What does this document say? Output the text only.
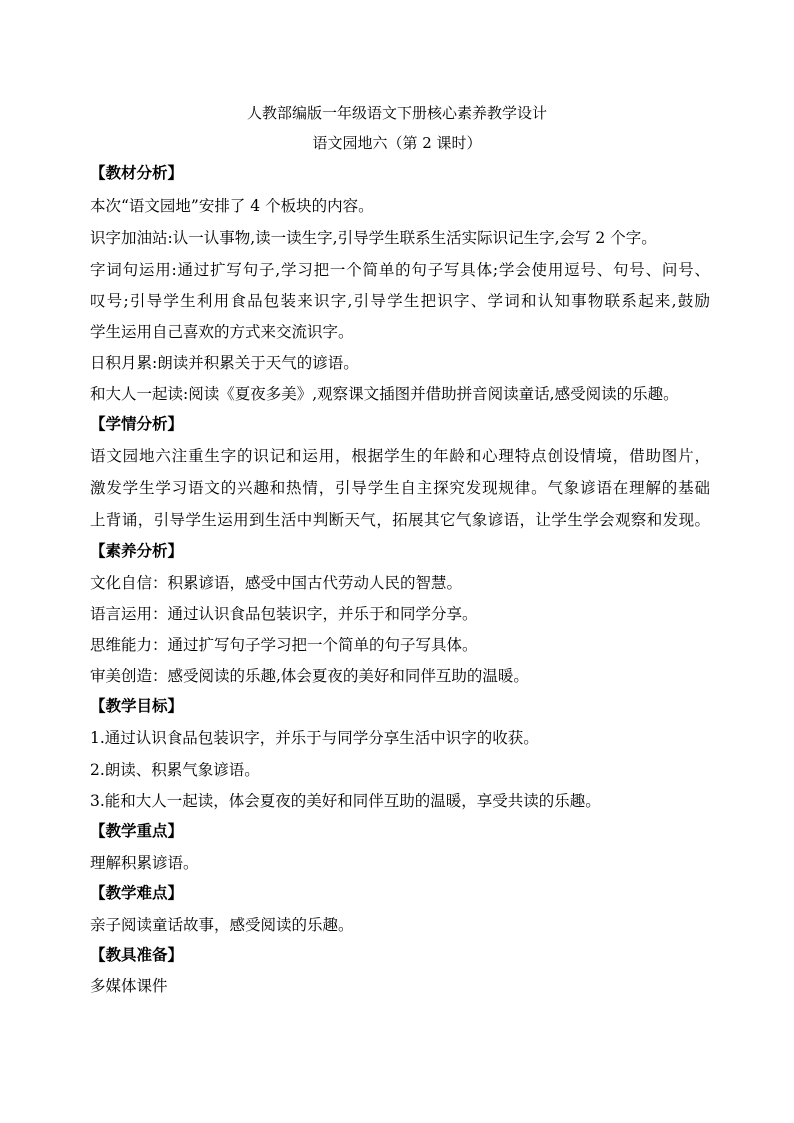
人教部编版一年级语文下册核心素养教学设计
语文园地六（第 2 课时）
【教材分析】
本次“语文园地”安排了 4 个板块的内容。
识字加油站:认一认事物,读一读生字,引导学生联系生活实际识记生字,会写 2 个字。
字词句运用:通过扩写句子,学习把一个简单的句子写具体;学会使用逗号、句号、问号、
叹号;引导学生利用食品包装来识字,引导学生把识字、学词和认知事物联系起来,鼓励
学生运用自己喜欢的方式来交流识字。
日积月累:朗读并积累关于天气的谚语。
和大人一起读:阅读《夏夜多美》,观察课文插图并借助拼音阅读童话,感受阅读的乐趣。
【学情分析】
语文园地六注重生字的识记和运用，根据学生的年龄和心理特点创设情境，借助图片，
激发学生学习语文的兴趣和热情，引导学生自主探究发现规律。气象谚语在理解的基础
上背诵，引导学生运用到生活中判断天气，拓展其它气象谚语，让学生学会观察和发现。
【素养分析】
文化自信：积累谚语，感受中国古代劳动人民的智慧。
语言运用：通过认识食品包装识字，并乐于和同学分享。
思维能力：通过扩写句子学习把一个简单的句子写具体。
审美创造：感受阅读的乐趣,体会夏夜的美好和同伴互助的温暖。
【教学目标】
1.通过认识食品包装识字，并乐于与同学分享生活中识字的收获。
2.朗读、积累气象谚语。
3.能和大人一起读，体会夏夜的美好和同伴互助的温暖，享受共读的乐趣。
【教学重点】
理解积累谚语。
【教学难点】
亲子阅读童话故事，感受阅读的乐趣。
【教具准备】
多媒体课件
